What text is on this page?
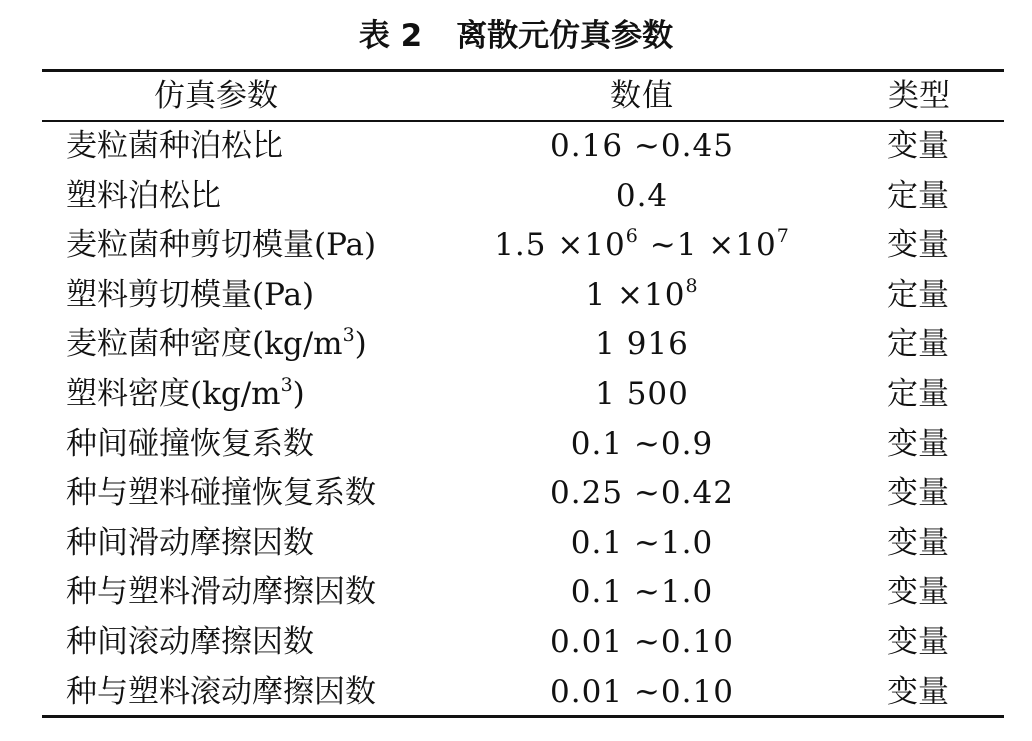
表 2 离散元仿真参数
仿真参数	数值	类型
麦粒菌种泊松比	0.16 ~0.45	变量
塑料泊松比	0.4	定量
麦粒菌种剪切模量(Pa)	$1.5 \times 10^6$ ~1 $\times 10^7$	变量
塑料剪切模量(Pa)	$1 \times 10^8$	定量
麦粒菌种密度$(kg/m^3)$	1 916	定量
塑料密度$(kg/m^3)$	1 500	定量
种间碰撞恢复系数	0.1 ~0.9	变量
种与塑料碰撞恢复系数	0.25 ~0.42	变量
种间滑动摩擦因数	0.1 ~1.0	变量
种与塑料滑动摩擦因数	0.1 ~1.0	变量
种间滚动摩擦因数	0.01 ~0.10	变量
种与塑料滚动摩擦因数	0.01 ~0.10	变量
